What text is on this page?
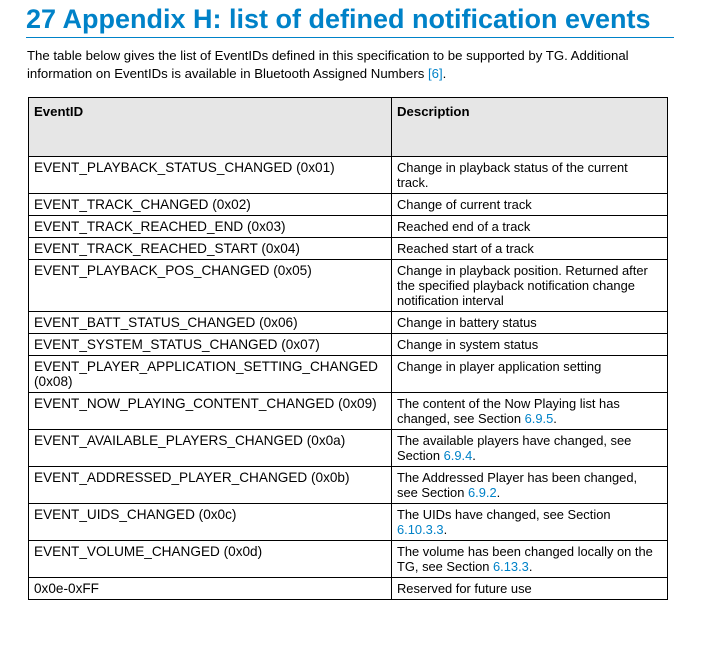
27 Appendix H: list of defined notification events

The table below gives the list of EventIDs defined in this specification to be supported by TG. Additional information on EventIDs is available in Bluetooth Assigned Numbers [6].

EventID	Description
EVENT_PLAYBACK_STATUS_CHANGED (0x01)	Change in playback status of the current track.
EVENT_TRACK_CHANGED (0x02)	Change of current track
EVENT_TRACK_REACHED_END (0x03)	Reached end of a track
EVENT_TRACK_REACHED_START (0x04)	Reached start of a track
EVENT_PLAYBACK_POS_CHANGED (0x05)	Change in playback position. Returned after the specified playback notification change notification interval
EVENT_BATT_STATUS_CHANGED (0x06)	Change in battery status
EVENT_SYSTEM_STATUS_CHANGED (0x07)	Change in system status
EVENT_PLAYER_APPLICATION_SETTING_CHANGED (0x08)	Change in player application setting
EVENT_NOW_PLAYING_CONTENT_CHANGED (0x09)	The content of the Now Playing list has changed, see Section 6.9.5.
EVENT_AVAILABLE_PLAYERS_CHANGED (0x0a)	The available players have changed, see Section 6.9.4.
EVENT_ADDRESSED_PLAYER_CHANGED (0x0b)	The Addressed Player has been changed, see Section 6.9.2.
EVENT_UIDS_CHANGED (0x0c)	The UIDs have changed, see Section 6.10.3.3.
EVENT_VOLUME_CHANGED (0x0d)	The volume has been changed locally on the TG, see Section 6.13.3.
0x0e-0xFF	Reserved for future use
